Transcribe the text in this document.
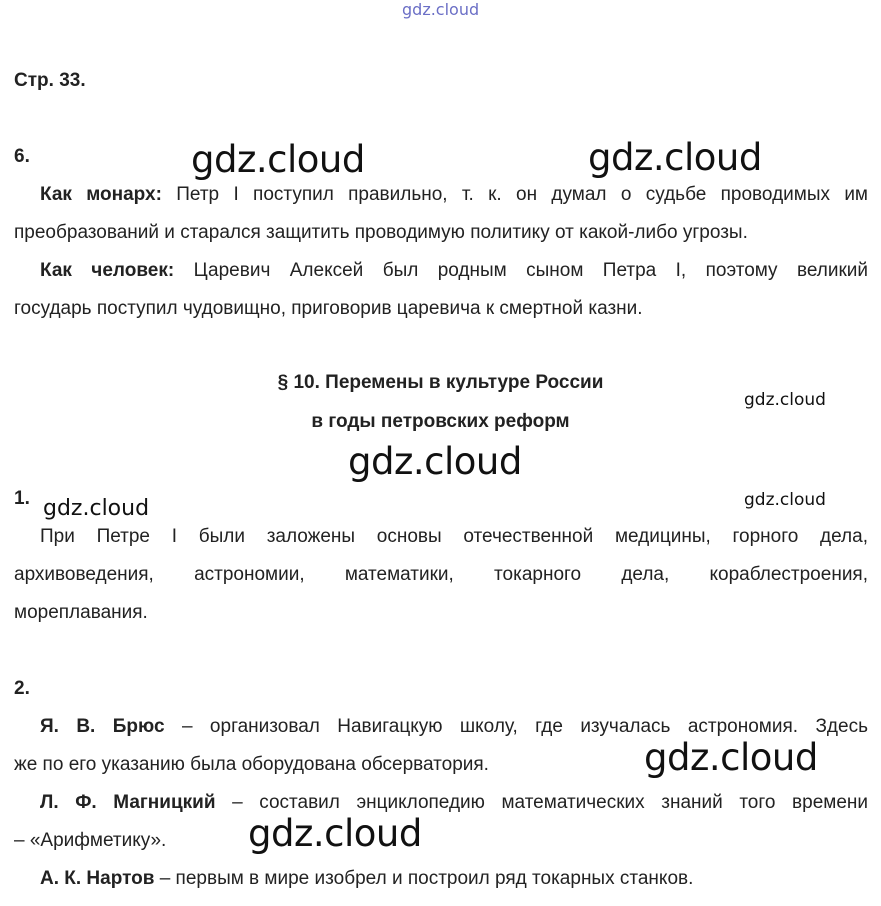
gdz.cloud
Стр. 33.
6.	gdz.cloud	gdz.cloud
Как монарх: Петр I поступил правильно, т. к. он думал о судьбе проводимых им
преобразований и старался защитить проводимую политику от какой-либо угрозы.
Как человек: Царевич Алексей был родным сыном Петра I, поэтому великий
государь поступил чудовищно, приговорив царевича к смертной казни.
§ 10. Перемены в культуре России
в годы петровских реформ
gdz.cloud
gdz.cloud
1. gdz.cloud	gdz.cloud
При Петре I были заложены основы отечественной медицины, горного дела,
архивоведения, астрономии, математики, токарного дела, кораблестроения,
мореплавания.
2.
Я. В. Брюс – организовал Навигацкую школу, где изучалась астрономия. Здесь
же по его указанию была оборудована обсерватория.	gdz.cloud
Л. Ф. Магницкий – составил энциклопедию математических знаний того времени
– «Арифметику».	gdz.cloud
А. К. Нартов – первым в мире изобрел и построил ряд токарных станков.
